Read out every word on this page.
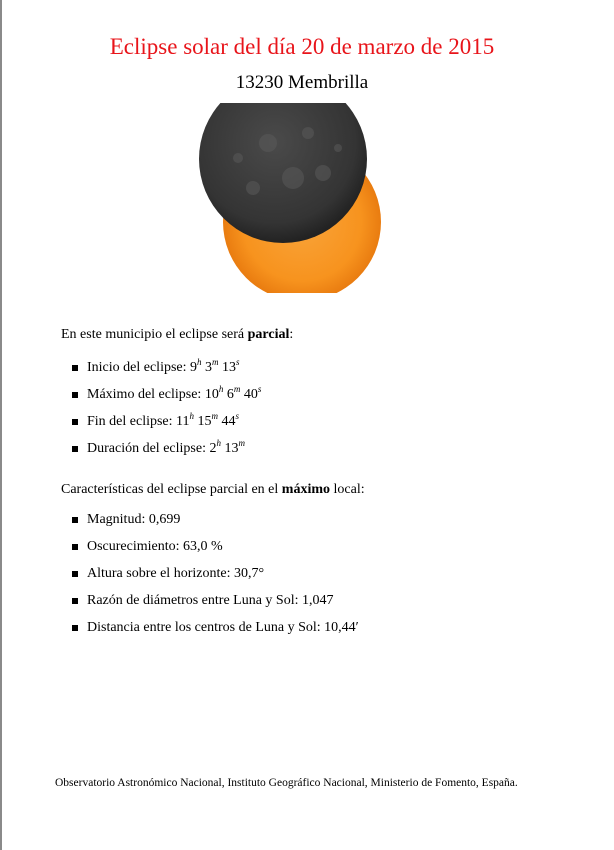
Eclipse solar del día 20 de marzo de 2015
13230 Membrilla
En este municipio el eclipse será parcial:
Inicio del eclipse: 9$^h$ 3$^m$ 13$^s$
Máximo del eclipse: 10$^h$ 6$^m$ 40$^s$
Fin del eclipse: 11$^h$ 15$^m$ 44$^s$
Duración del eclipse: 2$^h$ 13$^m$
Características del eclipse parcial en el máximo local:
Magnitud: 0,699
Oscurecimiento: 63,0 %
Altura sobre el horizonte: 30,7°
Razón de diámetros entre Luna y Sol: 1,047
Distancia entre los centros de Luna y Sol: 10,44′
Observatorio Astronómico Nacional, Instituto Geográfico Nacional, Ministerio de Fomento, España.
